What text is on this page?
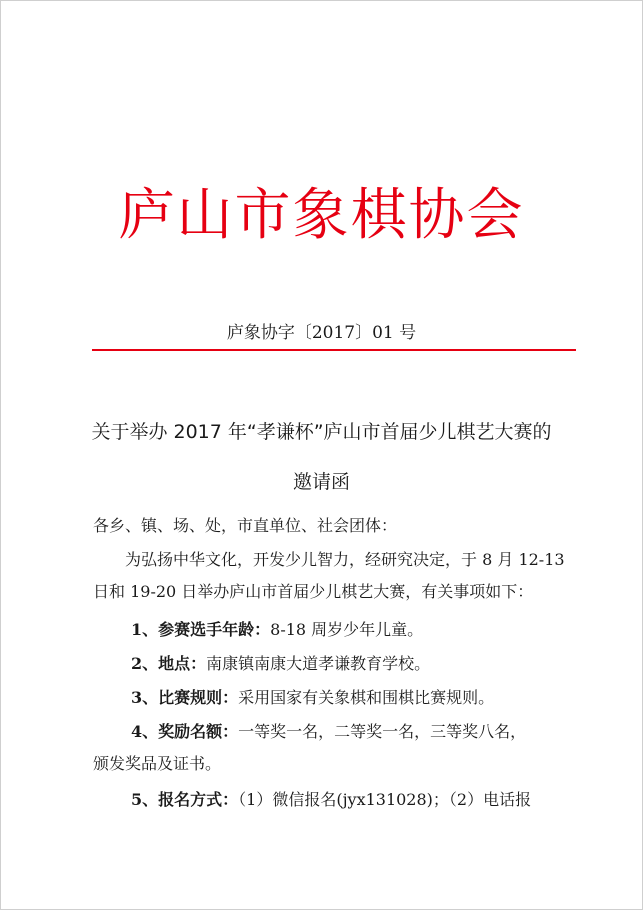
庐山市象棋协会
庐象协字〔2017〕01 号
关于举办 2017 年“孝谦杯”庐山市首届少儿棋艺大赛的
邀请函
各乡、镇、场、处，市直单位、社会团体：
为弘扬中华文化，开发少儿智力，经研究决定，于 8 月 12-13
日和 19-20 日举办庐山市首届少儿棋艺大赛，有关事项如下：
1、参赛选手年龄：8-18 周岁少年儿童。
2、地点：南康镇南康大道孝谦教育学校。
3、比赛规则：采用国家有关象棋和围棋比赛规则。
4、奖励名额：一等奖一名，二等奖一名，三等奖八名，
颁发奖品及证书。
5、报名方式：（1）微信报名(jyx131028)；（2）电话报
